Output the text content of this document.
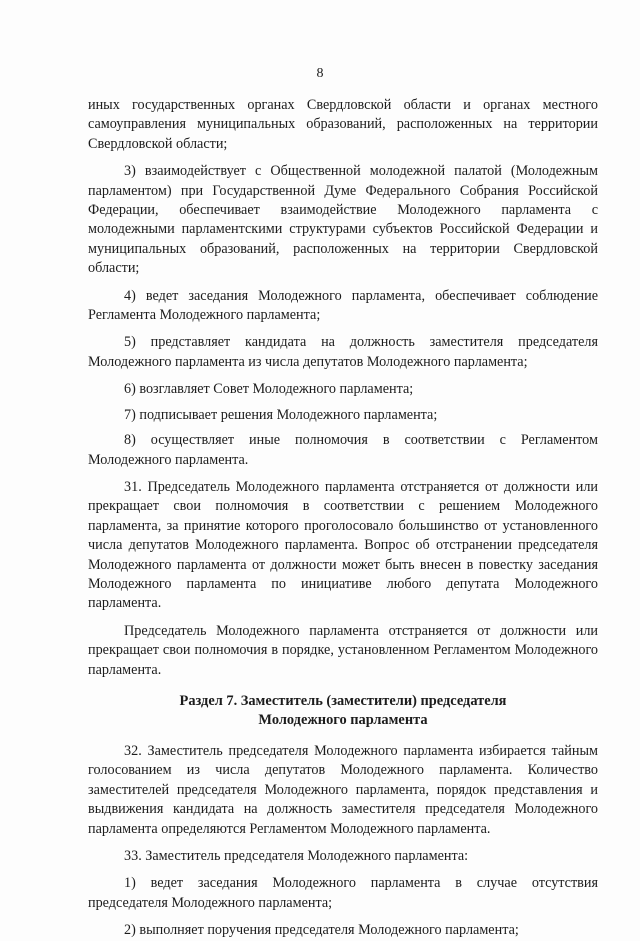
8

иных государственных органах Свердловской области и органах местного самоуправления муниципальных образований, расположенных на территории Свердловской области;

3) взаимодействует с Общественной молодежной палатой (Молодежным парламентом) при Государственной Думе Федерального Собрания Российской Федерации, обеспечивает взаимодействие Молодежного парламента с молодежными парламентскими структурами субъектов Российской Федерации и муниципальных образований, расположенных на территории Свердловской области;

4) ведет заседания Молодежного парламента, обеспечивает соблюдение Регламента Молодежного парламента;

5) представляет кандидата на должность заместителя председателя Молодежного парламента из числа депутатов Молодежного парламента;

6) возглавляет Совет Молодежного парламента;

7) подписывает решения Молодежного парламента;

8) осуществляет иные полномочия в соответствии с Регламентом Молодежного парламента.

31. Председатель Молодежного парламента отстраняется от должности или прекращает свои полномочия в соответствии с решением Молодежного парламента, за принятие которого проголосовало большинство от установленного числа депутатов Молодежного парламента. Вопрос об отстранении председателя Молодежного парламента от должности может быть внесен в повестку заседания Молодежного парламента по инициативе любого депутата Молодежного парламента.

Председатель Молодежного парламента отстраняется от должности или прекращает свои полномочия в порядке, установленном Регламентом Молодежного парламента.

Раздел 7. Заместитель (заместители) председателя
Молодежного парламента

32. Заместитель председателя Молодежного парламента избирается тайным голосованием из числа депутатов Молодежного парламента. Количество заместителей председателя Молодежного парламента, порядок представления и выдвижения кандидата на должность заместителя председателя Молодежного парламента определяются Регламентом Молодежного парламента.

33. Заместитель председателя Молодежного парламента:

1) ведет заседания Молодежного парламента в случае отсутствия председателя Молодежного парламента;

2) выполняет поручения председателя Молодежного парламента;
